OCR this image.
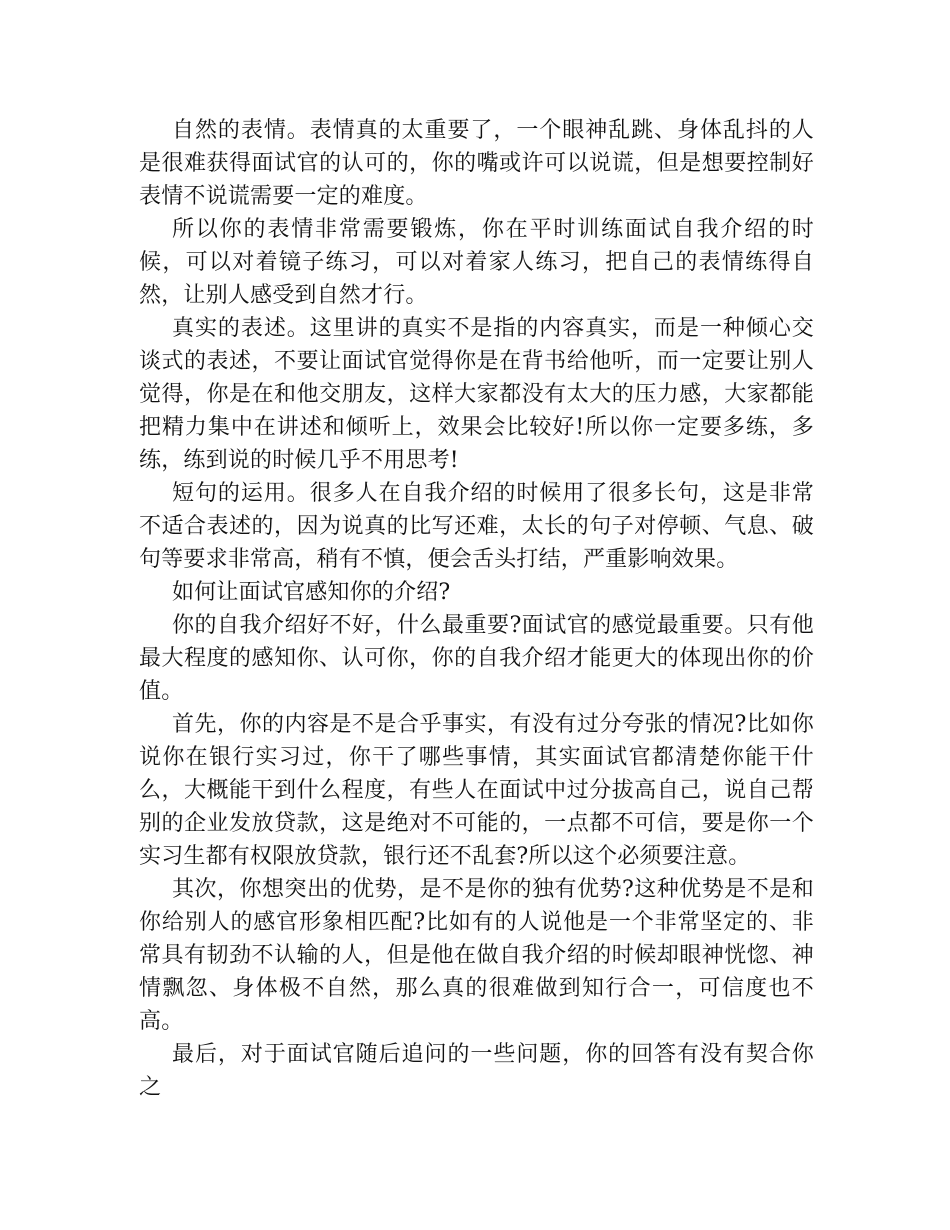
自然的表情。表情真的太重要了，一个眼神乱跳、身体乱抖的人是很难获得面试官的认可的，你的嘴或许可以说谎，但是想要控制好表情不说谎需要一定的难度。

所以你的表情非常需要锻炼，你在平时训练面试自我介绍的时候，可以对着镜子练习，可以对着家人练习，把自己的表情练得自然，让别人感受到自然才行。

真实的表述。这里讲的真实不是指的内容真实，而是一种倾心交谈式的表述，不要让面试官觉得你是在背书给他听，而一定要让别人觉得，你是在和他交朋友，这样大家都没有太大的压力感，大家都能把精力集中在讲述和倾听上，效果会比较好!所以你一定要多练，多练，练到说的时候几乎不用思考!

短句的运用。很多人在自我介绍的时候用了很多长句，这是非常不适合表述的，因为说真的比写还难，太长的句子对停顿、气息、破句等要求非常高，稍有不慎，便会舌头打结，严重影响效果。

如何让面试官感知你的介绍?

你的自我介绍好不好，什么最重要?面试官的感觉最重要。只有他最大程度的感知你、认可你，你的自我介绍才能更大的体现出你的价值。

首先，你的内容是不是合乎事实，有没有过分夸张的情况?比如你说你在银行实习过，你干了哪些事情，其实面试官都清楚你能干什么，大概能干到什么程度，有些人在面试中过分拔高自己，说自己帮别的企业发放贷款，这是绝对不可能的，一点都不可信，要是你一个实习生都有权限放贷款，银行还不乱套?所以这个必须要注意。

其次，你想突出的优势，是不是你的独有优势?这种优势是不是和你给别人的感官形象相匹配?比如有的人说他是一个非常坚定的、非常具有韧劲不认输的人，但是他在做自我介绍的时候却眼神恍惚、神情飘忽、身体极不自然，那么真的很难做到知行合一，可信度也不高。

最后，对于面试官随后追问的一些问题，你的回答有没有契合你之
